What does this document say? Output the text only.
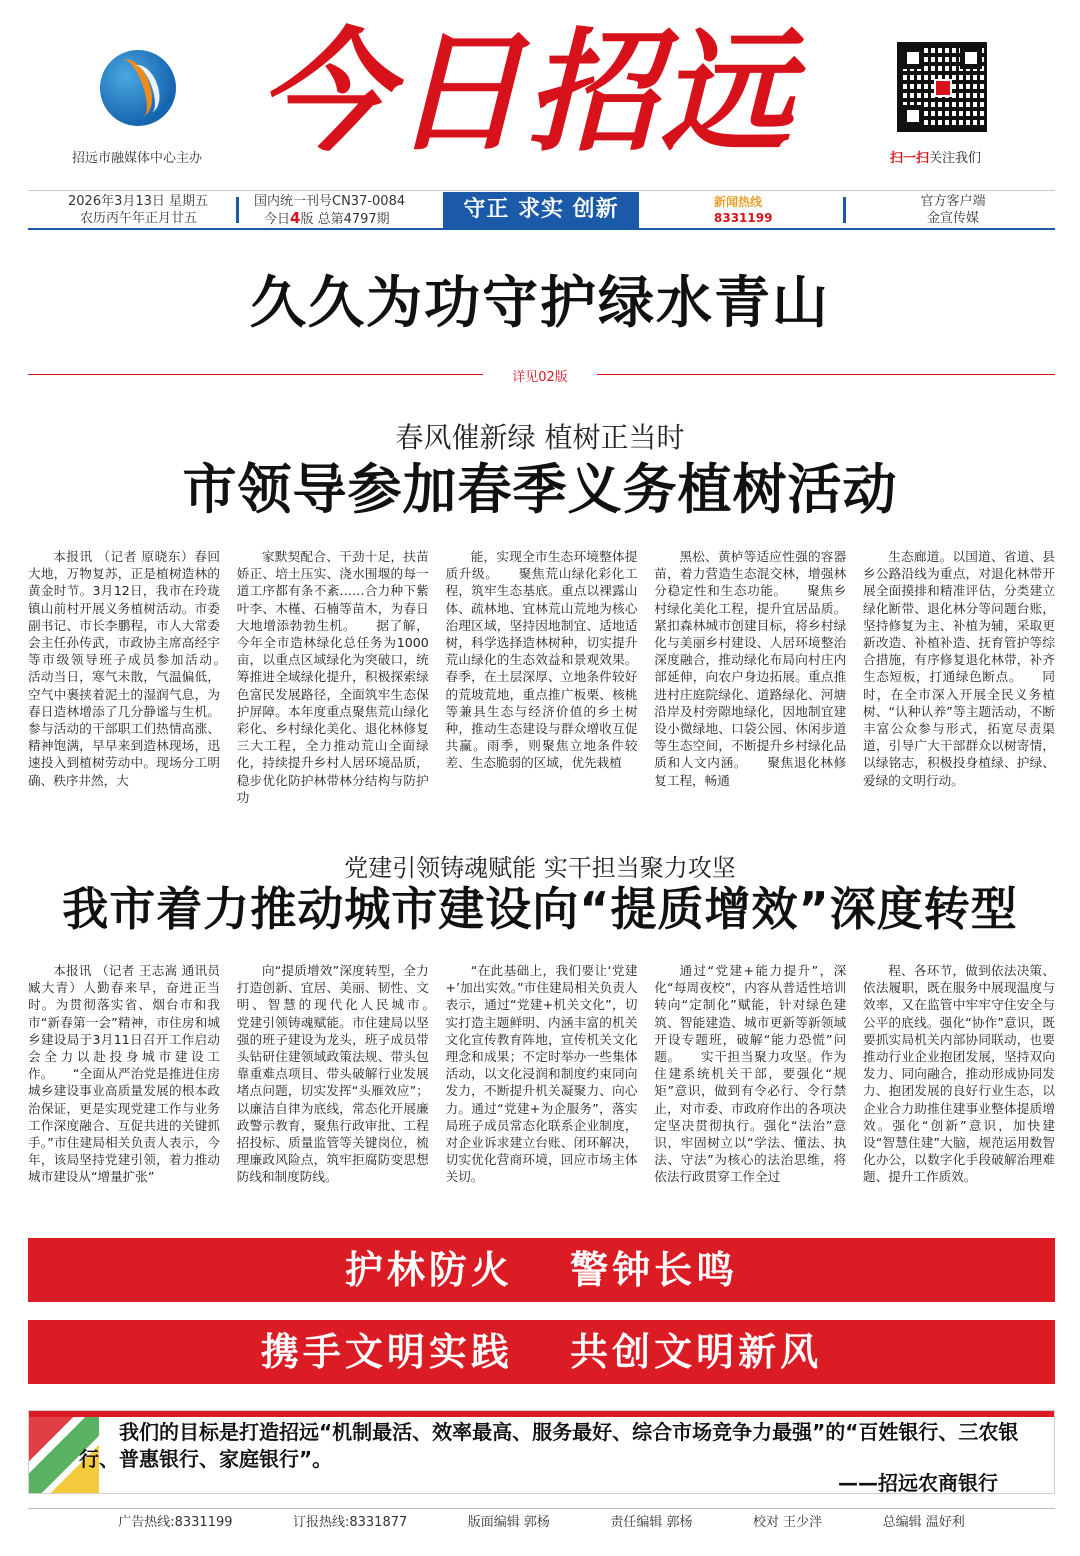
招远市融媒体中心主办 今日招远	扫一扫关注我们
2026年3月13日 星期五
农历丙午年正月廿五
国内统一刊号CN37-0084
今日4版 总第4797期	守正 求实 创新	新闻热线
8331199
官方客户端
金宣传媒
久久为功守护绿水青山
详见02版
春风催新绿 植树正当时
市领导参加春季义务植树活动

本报讯 （记者 原晓东）春回大地，万物复苏，正是植树造林的黄金时节。3月12日，我市在玲珑镇山前村开展义务植树活动。市委副书记、市长李鹏程，市人大常委会主任孙传武，市政协主席高经宇等市级领导班子成员参加活动。　　活动当日，寒气未散，气温偏低，空气中裹挟着泥土的湿润气息，为春日造林增添了几分静谧与生机。参与活动的干部职工们热情高涨、精神饱满，早早来到造林现场，迅速投入到植树劳动中。现场分工明确、秩序井然，大

家默契配合、干劲十足，扶苗娇正、培土压实、浇水围堰的每一道工序都有条不紊……合力种下紫叶李、木槿、石楠等苗木，为春日大地增添勃勃生机。　　据了解，今年全市造林绿化总任务为1000亩，以重点区域绿化为突破口，统筹推进全域绿化提升，积极探索绿色富民发展路径，全面筑牢生态保护屏障。本年度重点聚焦荒山绿化彩化、乡村绿化美化、退化林修复三大工程，全力推动荒山全面绿化，持续提升乡村人居环境品质，稳步优化防护林带林分结构与防护功

能，实现全市生态环境整体提质升级。　　聚焦荒山绿化彩化工程，筑牢生态基底。重点以裸露山体、疏林地、宜林荒山荒地为核心治理区域，坚持因地制宜、适地适树，科学选择造林树种，切实提升荒山绿化的生态效益和景观效果。春季，在土层深厚、立地条件较好的荒坡荒地，重点推广板栗、核桃等兼具生态与经济价值的乡土树种，推动生态建设与群众增收互促共赢。雨季，则聚焦立地条件较差、生态脆弱的区域，优先栽植

黑松、黄栌等适应性强的容器苗，着力营造生态混交林，增强林分稳定性和生态功能。　　聚焦乡村绿化美化工程，提升宜居品质。紧扣森林城市创建目标，将乡村绿化与美丽乡村建设、人居环境整治深度融合，推动绿化布局向村庄内部延伸，向农户身边拓展。重点推进村庄庭院绿化、道路绿化、河塘沿岸及村旁隙地绿化，因地制宜建设小微绿地、口袋公园、休闲步道等生态空间，不断提升乡村绿化品质和人文内涵。　　聚焦退化林修复工程，畅通

生态廊道。以国道、省道、县乡公路沿线为重点，对退化林带开展全面摸排和精准评估，分类建立绿化断带、退化林分等问题台账，坚持修复为主、补植为辅，采取更新改造、补植补造、抚育管护等综合措施，有序修复退化林带，补齐生态短板，打通绿色断点。　　同时，在全市深入开展全民义务植树、“认种认养”等主题活动，不断丰富公众参与形式，拓宽尽责渠道，引导广大干部群众以树寄情，以绿铭志，积极投身植绿、护绿、爱绿的文明行动。

党建引领铸魂赋能 实干担当聚力攻坚
我市着力推动城市建设向“提质增效”深度转型

本报讯 （记者 王志嵩 通讯员 臧大青）人勤春来早，奋进正当时。为贯彻落实省、烟台市和我市“新春第一会”精神，市住房和城乡建设局于3月11日召开工作启动会全力以赴投身城市建设工作。　　“全面从严治党是推进住房城乡建设事业高质量发展的根本政治保证，更是实现党建工作与业务工作深度融合、互促共进的关键抓手。”市住建局相关负责人表示，今年，该局坚持党建引领，着力推动城市建设从“增量扩张”

向“提质增效”深度转型，全力打造创新、宜居、美丽、韧性、文明、智慧的现代化人民城市。　　党建引领铸魂赋能。市住建局以坚强的班子建设为龙头，班子成员带头钻研住建领域政策法规、带头包靠重难点项目、带头破解行业发展堵点问题，切实发挥“头雁效应”；以廉洁自律为底线，常态化开展廉政警示教育，聚焦行政审批、工程招投标、质量监管等关键岗位，梳理廉政风险点，筑牢拒腐防变思想防线和制度防线。

“在此基础上，我们要让‘党建+’加出实效。”市住建局相关负责人表示，通过“党建+机关文化”，切实打造主题鲜明、内涵丰富的机关文化宣传教育阵地，宣传机关文化理念和成果；不定时举办一些集体活动，以文化浸润和制度约束同向发力，不断提升机关凝聚力、向心力。通过“党建+为企服务”，落实局班子成员常态化联系企业制度，对企业诉求建立台账、闭环解决，切实优化营商环境，回应市场主体关切。

通过“党建+能力提升”，深化“每周夜校”，内容从普适性培训转向“定制化”赋能，针对绿色建筑、智能建造、城市更新等新领域开设专题班，破解“能力恐慌”问题。　　实干担当聚力攻坚。作为住建系统机关干部，要强化“规矩”意识，做到有令必行、令行禁止，对市委、市政府作出的各项决定坚决贯彻执行。强化“法治”意识，牢固树立以“学法、懂法、执法、守法”为核心的法治思维，将依法行政贯穿工作全过

程、各环节，做到依法决策、依法履职，既在服务中展现温度与效率，又在监管中牢牢守住安全与公平的底线。强化“协作”意识，既要抓实局机关内部协同联动，也要推动行业企业抱团发展，坚持双向发力、同向融合，推动形成协同发力、抱团发展的良好行业生态，以企业合力助推住建事业整体提质增效。强化“创新”意识，加快建设“智慧住建”大脑，规范运用数智化办公，以数字化手段破解治理难题、提升工作质效。

护林防火 警钟长鸣
携手文明实践 共创文明新风
我们的目标是打造招远“机制最活、效率最高、服务最好、综合市场竞争力最强”的“百姓银行、三农银行、普惠银行、家庭银行”。
——招远农商银行
广告热线:8331199	订报热线:8331877	版面编辑 郭杨	责任编辑 郭杨	校对 王少泮	总编辑 温好利
